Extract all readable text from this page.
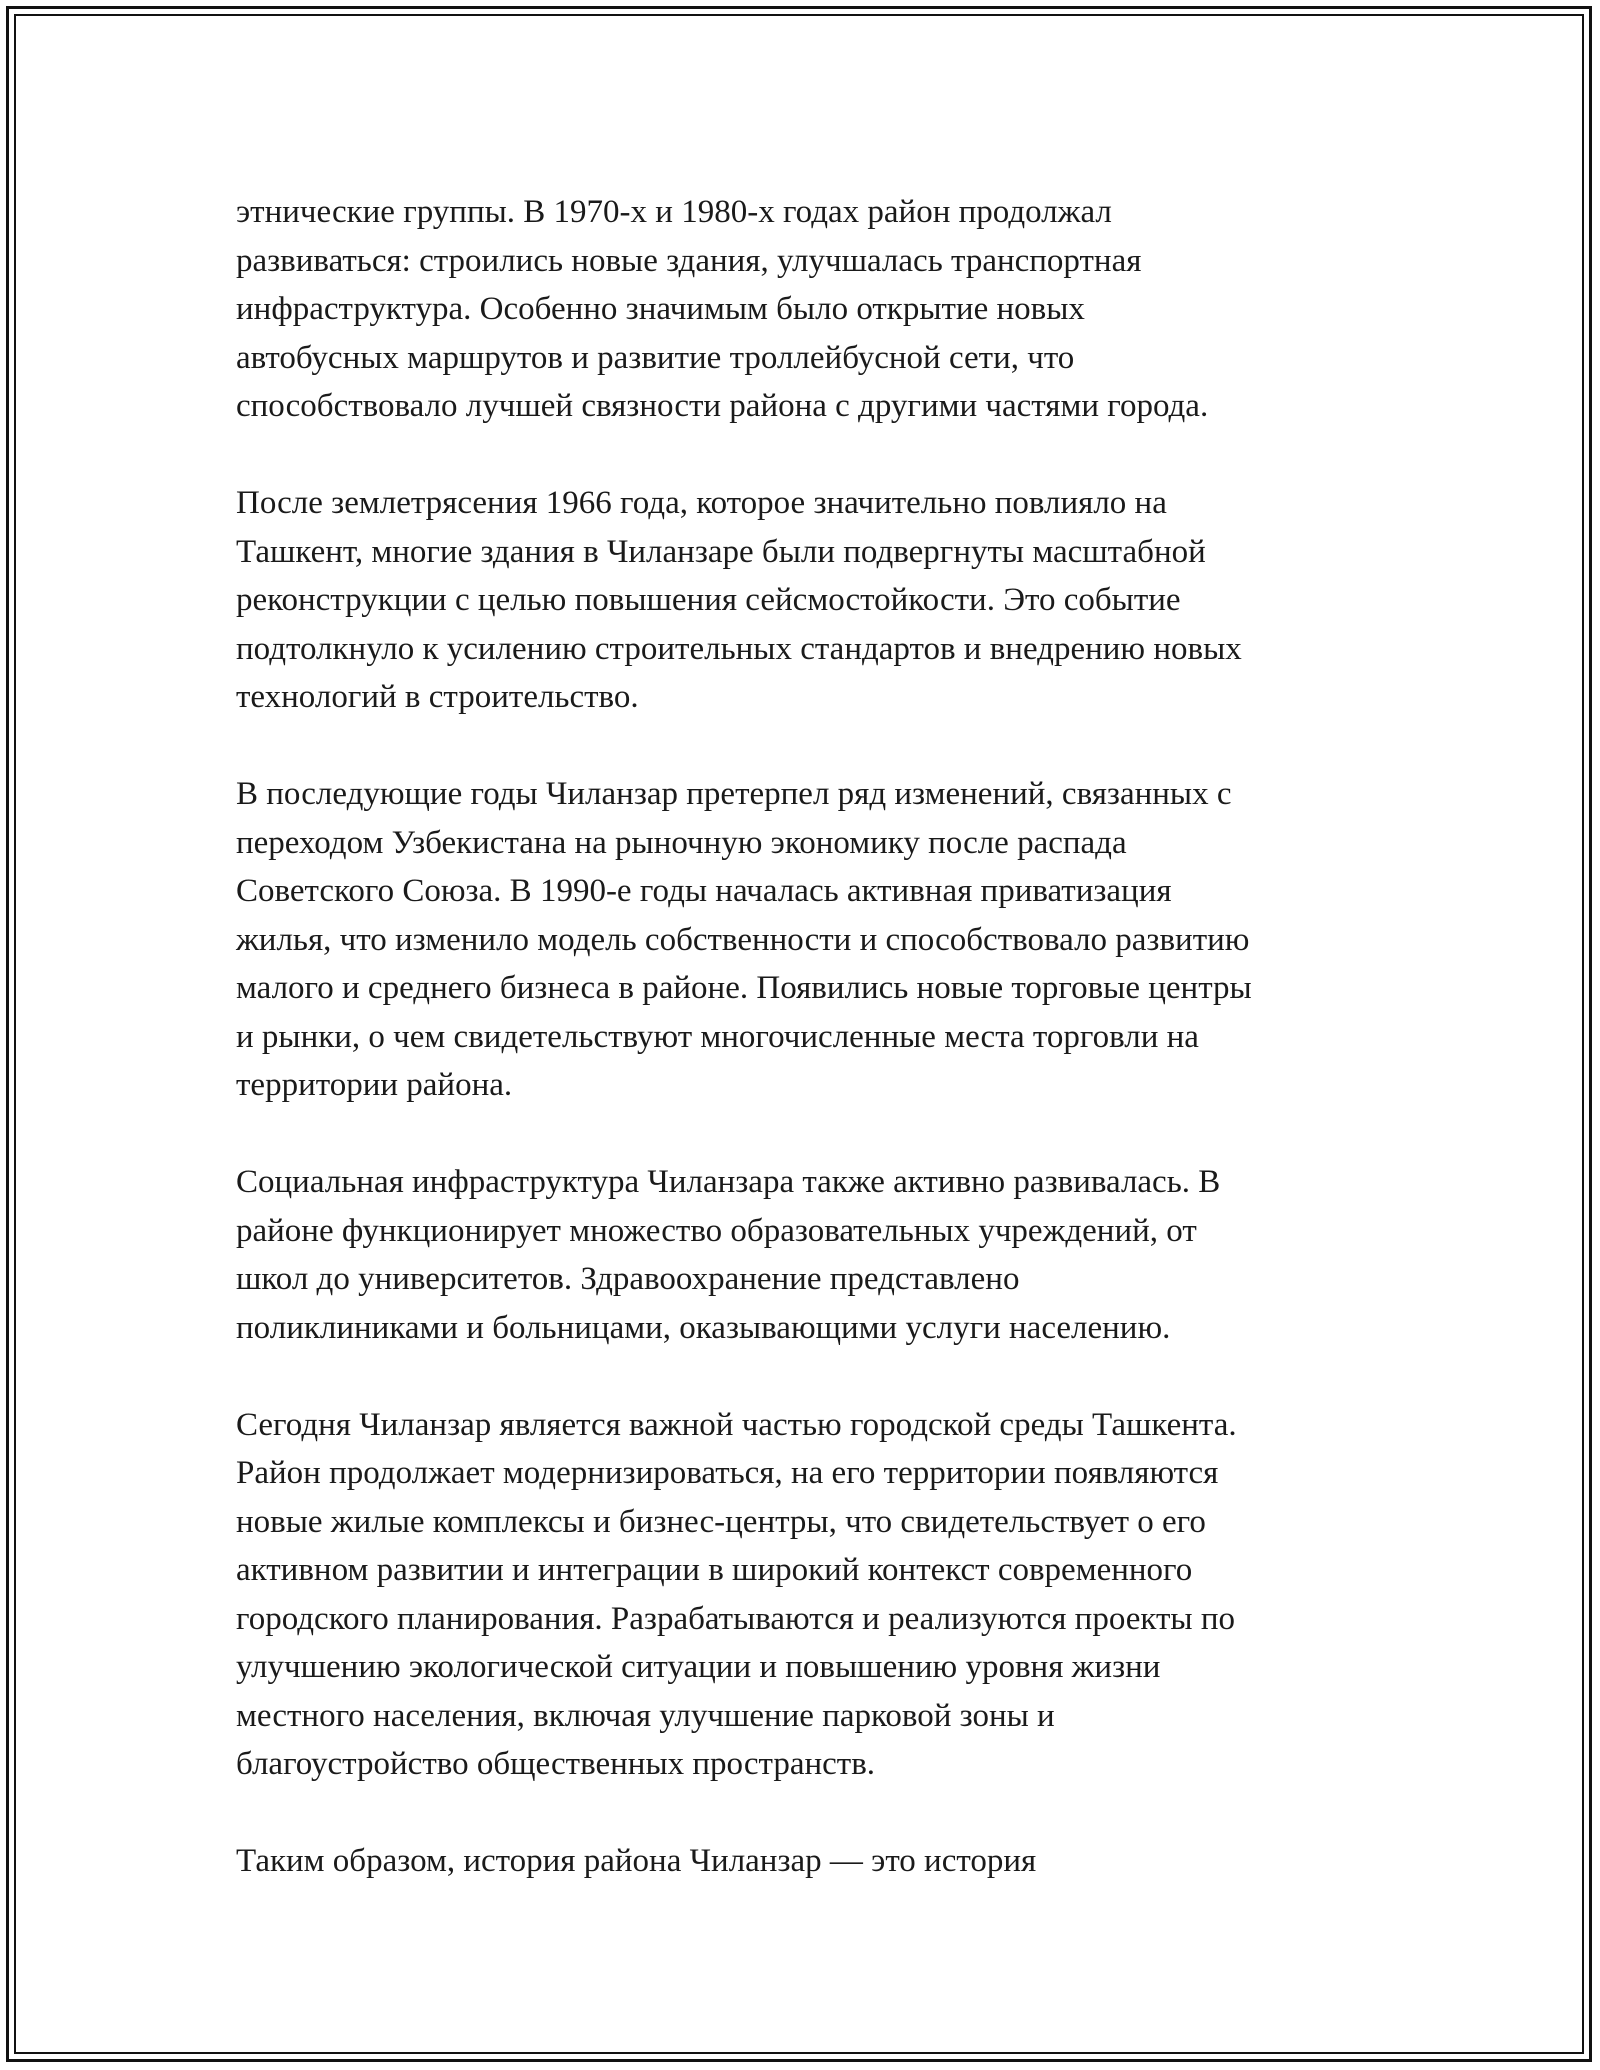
этнические группы. В 1970-х и 1980-х годах район продолжал
развиваться: строились новые здания, улучшалась транспортная
инфраструктура. Особенно значимым было открытие новых
автобусных маршрутов и развитие троллейбусной сети, что
способствовало лучшей связности района с другими частями города.

После землетрясения 1966 года, которое значительно повлияло на
Ташкент, многие здания в Чиланзаре были подвергнуты масштабной
реконструкции с целью повышения сейсмостойкости. Это событие
подтолкнуло к усилению строительных стандартов и внедрению новых
технологий в строительство.

В последующие годы Чиланзар претерпел ряд изменений, связанных с
переходом Узбекистана на рыночную экономику после распада
Советского Союза. В 1990-е годы началась активная приватизация
жилья, что изменило модель собственности и способствовало развитию
малого и среднего бизнеса в районе. Появились новые торговые центры
и рынки, о чем свидетельствуют многочисленные места торговли на
территории района.

Социальная инфраструктура Чиланзара также активно развивалась. В
районе функционирует множество образовательных учреждений, от
школ до университетов. Здравоохранение представлено
поликлиниками и больницами, оказывающими услуги населению.

Сегодня Чиланзар является важной частью городской среды Ташкента.
Район продолжает модернизироваться, на его территории появляются
новые жилые комплексы и бизнес-центры, что свидетельствует о его
активном развитии и интеграции в широкий контекст современного
городского планирования. Разрабатываются и реализуются проекты по
улучшению экологической ситуации и повышению уровня жизни
местного населения, включая улучшение парковой зоны и
благоустройство общественных пространств.

Таким образом, история района Чиланзар — это история
